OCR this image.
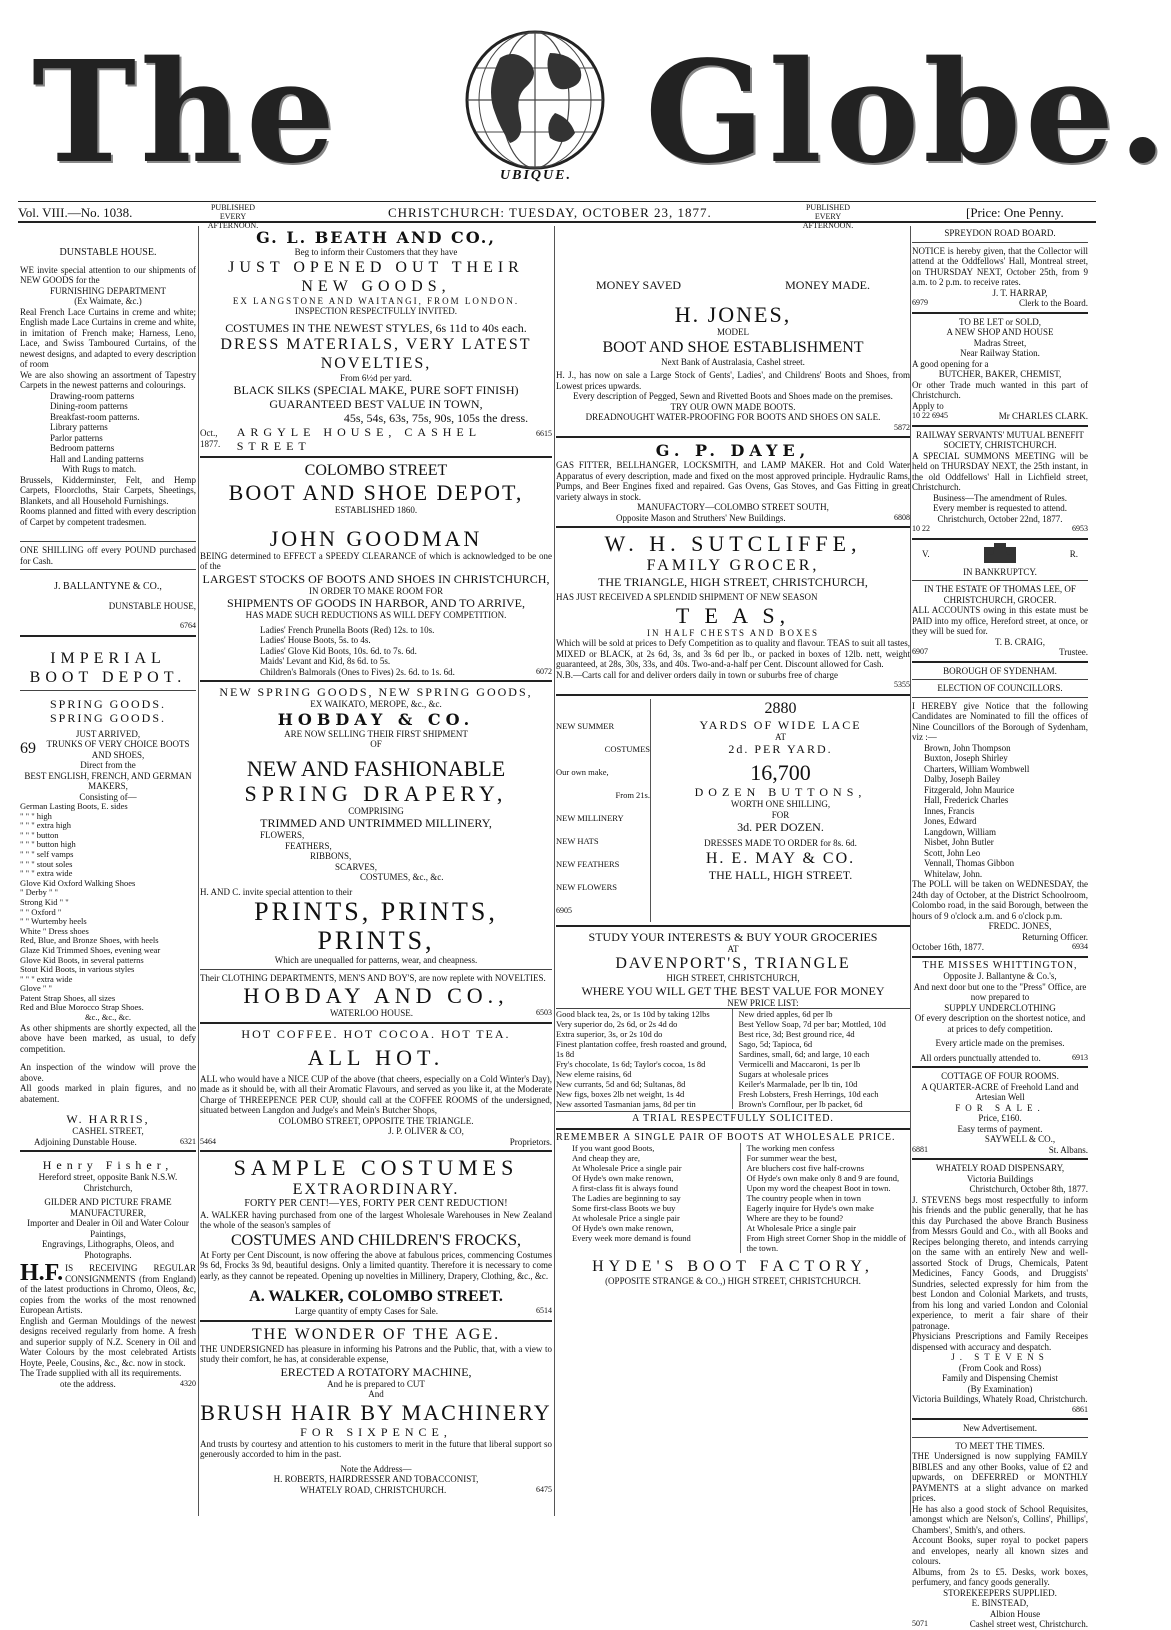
The	UBIQUE. Globe.
Vol. VIII.—No. 1038.	PUBLISHED EVERY AFTERNOON.
CHRISTCHURCH: TUESDAY, OCTOBER 23, 1877.	PUBLISHED EVERY AFTERNOON.
[Price: One Penny.
DUNSTABLE HOUSE.
WE invite special attention to our shipments of NEW GOODS for the
FURNISHING DEPARTMENT
(Ex Waimate, &c.)
Real French Lace Curtains in creme and white; English made Lace Curtains in creme and white, in imitation of French make; Harness, Leno, Lace, and Swiss Tamboured Curtains, of the newest designs, and adapted to every description of room
We are also showing an assortment of Tapestry Carpets in the newest patterns and colourings.
Drawing-room patterns
Dining-room patterns
Breakfast-room patterns.
Library patterns
Parlor patterns
Bedroom patterns
Hall and Landing patterns
With Rugs to match.
Brussels, Kidderminster, Felt, and Hemp Carpets, Floorcloths, Stair Carpets, Sheetings, Blankets, and all Household Furnishings.
Rooms planned and fitted with every description of Carpet by competent tradesmen.
ONE SHILLING off every POUND purchased for Cash.
J. BALLANTYNE & CO.,
DUNSTABLE HOUSE,
6764
IMPERIAL
BOOT DEPOT.
SPRING GOODS.
SPRING GOODS.
JUST ARRIVED,
69	TRUNKS OF VERY CHOICE BOOTS AND SHOES,
Direct from the
BEST ENGLISH, FRENCH, AND GERMAN MAKERS,
Consisting of—
German Lasting Boots, E. sides
" " " high
" " " extra high
" " " button
" " " button high
" " " self vamps
" " " stout soles
" " " extra wide
Glove Kid Oxford Walking Shoes
" Derby " "
Strong Kid " "
" " Oxford "
" " Wurtemby heels
White " Dress shoes
Red, Blue, and Bronze Shoes, with heels
Glaze Kid Trimmed Shoes, evening wear
Glove Kid Boots, in several patterns
Stout Kid Boots, in various styles
" " " extra wide
Glove " "
Patent Strap Shoes, all sizes
Red and Blue Morocco Strap Shoes.
&c., &c., &c.
As other shipments are shortly expected, all the above have been marked, as usual, to defy competition.
An inspection of the window will prove the above.
All goods marked in plain figures, and no abatement.
W. HARRIS,
CASHEL STREET,
Adjoining Dunstable House.	6321
Henry Fisher,
Hereford street, opposite Bank N.S.W. Christchurch,
GILDER AND PICTURE FRAME MANUFACTURER,
Importer and Dealer in Oil and Water Colour Paintings,
Engravings, Lithographs, Oleos, and Photographs.
H.F. IS RECEIVING REGULAR CONSIGNMENTS (from England) of the latest productions in Chromo, Oleos, &c, copies from the works of the most renowned European Artists.
English and German Mouldings of the newest designs received regularly from home. A fresh and superior supply of N.Z. Scenery in Oil and Water Colours by the most celebrated Artists Hoyte, Peele, Cousins, &c., &c. now in stock.
The Trade supplied with all its requirements.
ote the address.	4320
G. L. BEATH AND CO.,
Beg to inform their Customers that they have
JUST OPENED OUT THEIR NEW GOODS,
EX LANGSTONE AND WAITANGI, FROM LONDON.
INSPECTION RESPECTFULLY INVITED.
COSTUMES IN THE NEWEST STYLES, 6s 11d to 40s each.
DRESS MATERIALS, VERY LATEST NOVELTIES,
From 6½d per yard.
BLACK SILKS (SPECIAL MAKE, PURE SOFT FINISH) GUARANTEED BEST VALUE IN TOWN,
45s, 54s, 63s, 75s, 90s, 105s the dress.
Oct., 1877.
ARGYLE HOUSE, CASHEL STREET
6615
COLOMBO STREET
BOOT AND SHOE DEPOT,
ESTABLISHED 1860.
JOHN GOODMAN
BEING determined to EFFECT a SPEEDY CLEARANCE of which is acknowledged to be one of the
LARGEST STOCKS OF BOOTS AND SHOES IN CHRISTCHURCH,
IN ORDER TO MAKE ROOM FOR
SHIPMENTS OF GOODS IN HARBOR, AND TO ARRIVE,
HAS MADE SUCH REDUCTIONS AS WILL DEFY COMPETITION.
Ladies' French Prunella Boots (Red) 12s. to 10s.
Ladies' House Boots, 5s. to 4s.
Ladies' Glove Kid Boots, 10s. 6d. to 7s. 6d.
Maids' Levant and Kid, 8s 6d. to 5s.
Children's Balmorals (Ones to Fives) 2s. 6d. to 1s. 6d.	6072
NEW SPRING GOODS, NEW SPRING GOODS,
EX WAIKATO, MEROPE, &c., &c.
HOBDAY & CO.
ARE NOW SELLING THEIR FIRST SHIPMENT
OF
NEW AND FASHIONABLE
SPRING DRAPERY,
COMPRISING
TRIMMED AND UNTRIMMED MILLINERY,
FLOWERS,
FEATHERS,
RIBBONS,
SCARVES,
COSTUMES, &c., &c.
H. AND C. invite special attention to their
PRINTS, PRINTS, PRINTS,
Which are unequalled for patterns, wear, and cheapness.
Their CLOTHING DEPARTMENTS, MEN'S AND BOY'S, are now replete with NOVELTIES.
HOBDAY AND CO.,
WATERLOO HOUSE.	6503
HOT COFFEE. HOT COCOA. HOT TEA.
ALL HOT.
ALL who would have a NICE CUP of the above (that cheers, especially on a Cold Winter's Day), made as it should be, with all their Aromatic Flavours, and served as you like it, at the Moderate Charge of THREEPENCE PER CUP, should call at the COFFEE ROOMS of the undersigned, situated between Langdon and Judge's and Mein's Butcher Shops,
COLOMBO STREET, OPPOSITE THE TRIANGLE.
J. P. OLIVER & CO,
5464	Proprietors.
SAMPLE COSTUMES
EXTRAORDINARY.
FORTY PER CENT!—YES, FORTY PER CENT REDUCTION!
A. WALKER having purchased from one of the largest Wholesale Warehouses in New Zealand the whole of the season's samples of
COSTUMES AND CHILDREN'S FROCKS,
At Forty per Cent Discount, is now offering the above at fabulous prices, commencing Costumes 9s 6d, Frocks 3s 9d, beautiful designs. Only a limited quantity. Therefore it is necessary to come early, as they cannot be repeated. Opening up novelties in Millinery, Drapery, Clothing, &c., &c.
A. WALKER, COLOMBO STREET.
Large quantity of empty Cases for Sale.	6514
THE WONDER OF THE AGE.
THE UNDERSIGNED has pleasure in informing his Patrons and the Public, that, with a view to study their comfort, he has, at considerable expense,
ERECTED A ROTATORY MACHINE,
And he is prepared to CUT
And
BRUSH HAIR BY MACHINERY
FOR SIXPENCE,
And trusts by courtesy and attention to his customers to merit in the future that liberal support so generously accorded to him in the past.
Note the Address—
H. ROBERTS, HAIRDRESSER AND TOBACCONIST,
WHATELY ROAD, CHRISTCHURCH.	6475
MONEY SAVED	MONEY MADE.
H. JONES,
MODEL
BOOT AND SHOE ESTABLISHMENT
Next Bank of Australasia, Cashel street.
H. J., has now on sale a Large Stock of Gents', Ladies', and Childrens' Boots and Shoes, from Lowest prices upwards.
Every description of Pegged, Sewn and Rivetted Boots and Shoes made on the premises.
TRY OUR OWN MADE BOOTS.
DREADNOUGHT WATER-PROOFING FOR BOOTS AND SHOES ON SALE.
5872
G. P. DAYE,
GAS FITTER, BELLHANGER, LOCKSMITH, and LAMP MAKER. Hot and Cold Water Apparatus of every description, made and fixed on the most approved principle. Hydraulic Rams, Pumps, and Beer Engines fixed and repaired. Gas Ovens, Gas Stoves, and Gas Fitting in great variety always in stock.
MANUFACTORY—COLOMBO STREET SOUTH,
Opposite Mason and Struthers' New Buildings.	6808
W. H. SUTCLIFFE,
FAMILY GROCER,
THE TRIANGLE, HIGH STREET, CHRISTCHURCH,
HAS JUST RECEIVED A SPLENDID SHIPMENT OF NEW SEASON
T E A S,
IN HALF CHESTS AND BOXES
Which will be sold at prices to Defy Competition as to quality and flavour. TEAS to suit all tastes, MIXED or BLACK, at 2s 6d, 3s, and 3s 6d per lb., or packed in boxes of 12lb. nett, weight guaranteed, at 28s, 30s, 33s, and 40s. Two-and-a-half per Cent. Discount allowed for Cash.
N.B.—Carts call for and deliver orders daily in town or suburbs free of charge
5355
NEW SUMMER
COSTUMES
Our own make,
From 21s.
NEW MILLINERY
NEW HATS
NEW FEATHERS
NEW FLOWERS
6905
2880
YARDS OF WIDE LACE
AT
2d. PER YARD.
16,700
DOZEN BUTTONS,
WORTH ONE SHILLING,
FOR
3d. PER DOZEN.
DRESSES MADE TO ORDER for 8s. 6d.
H. E. MAY & CO.
THE HALL, HIGH STREET.
STUDY YOUR INTERESTS & BUY YOUR GROCERIES
AT
DAVENPORT'S, TRIANGLE
HIGH STREET, CHRISTCHURCH,
WHERE YOU WILL GET THE BEST VALUE FOR MONEY
NEW PRICE LIST:
Good black tea, 2s, or 1s 10d by taking 12lbs
Very superior do, 2s 6d, or 2s 4d do
Extra superior, 3s, or 2s 10d do
Finest plantation coffee, fresh roasted and ground, 1s 8d
Fry's chocolate, 1s 6d; Taylor's cocoa, 1s 8d
New eleme raisins, 6d
New currants, 5d and 6d; Sultanas, 8d
New figs, boxes 2lb net weight, 1s 4d
New assorted Tasmanian jams, 8d per tin
New dried apples, 6d per lb
Best Yellow Soap, 7d per bar; Mottled, 10d
Best rice, 3d; Best ground rice, 4d
Sago, 5d; Tapioca, 6d
Sardines, small, 6d; and large, 10 each
Vermicelli and Maccaroni, 1s per lb
Sugars at wholesale prices
Keiler's Marmalade, per lb tin, 10d
Fresh Lobsters, Fresh Herrings, 10d each
Brown's Cornflour, per lb packet, 6d
A TRIAL RESPECTFULLY SOLICITED.
REMEMBER A SINGLE PAIR OF BOOTS AT WHOLESALE PRICE.
If you want good Boots,
And cheap they are,
At Wholesale Price a single pair
Of Hyde's own make renown,
A first-class fit is always found
The Ladies are beginning to say
Some first-class Boots we buy
At wholesale Price a single pair
Of Hyde's own make renown,
Every week more demand is found
The working men confess
For summer wear the best,
Are bluchers cost five half-crowns
Of Hyde's own make only 8 and 9 are found,
Upon my word the cheapest Boot in town.
The country people when in town
Eagerly inquire for Hyde's own make
Where are they to be found?
At Wholesale Price a single pair
From High street Corner Shop in the middle of the town.
HYDE'S BOOT FACTORY,
(OPPOSITE STRANGE & CO.,) HIGH STREET, CHRISTCHURCH.
SPREYDON ROAD BOARD.
NOTICE is hereby given, that the Collector will attend at the Oddfellows' Hall, Montreal street, on THURSDAY NEXT, October 25th, from 9 a.m. to 2 p.m. to receive rates.
J. T. HARRAP,
6979	Clerk to the Board.
TO BE LET or SOLD,
A NEW SHOP AND HOUSE
Madras Street,
Near Railway Station.
A good opening for a
BUTCHER, BAKER, CHEMIST,
Or other Trade much wanted in this part of Christchurch.
Apply to
10 22 6945	Mr CHARLES CLARK.
RAILWAY SERVANTS' MUTUAL BENEFIT SOCIETY, CHRISTCHURCH.
A SPECIAL SUMMONS MEETING will be held on THURSDAY NEXT, the 25th instant, in the old Oddfellows' Hall in Lichfield street, Christchurch.
Business—The amendment of Rules.
Every member is requested to attend.
Christchurch, October 22nd, 1877.
10 22	6953
V.	R.
IN BANKRUPTCY.
IN THE ESTATE OF THOMAS LEE, OF CHRISTCHURCH, GROCER.
ALL ACCOUNTS owing in this estate must be PAID into my office, Hereford street, at once, or they will be sued for.
T. B. CRAIG,
6907	Trustee.
BOROUGH OF SYDENHAM.
ELECTION OF COUNCILLORS.
I HEREBY give Notice that the following Candidates are Nominated to fill the offices of Nine Councillors of the Borough of Sydenham, viz :—
Brown, John Thompson
Buxton, Joseph Shirley
Charters, William Wombwell
Dalby, Joseph Bailey
Fitzgerald, John Maurice
Hall, Frederick Charles
Innes, Francis
Jones, Edward
Langdown, William
Nisbet, John Butler
Scott, John Leo
Vennall, Thomas Gibbon
Whitelaw, John.
The POLL will be taken on WEDNESDAY, the 24th day of October, at the District Schoolroom, Colombo road, in the said Borough, between the hours of 9 o'clock a.m. and 6 o'clock p.m.
FREDC. JONES,
Returning Officer.
October 16th, 1877.	6934
THE MISSES WHITTINGTON,
Opposite J. Ballantyne & Co.'s,
And next door but one to the "Press" Office, are now prepared to
SUPPLY UNDERCLOTHING
Of every description on the shortest notice, and at prices to defy competition.
Every article made on the premises.
All orders punctually attended to.	6913
COTTAGE OF FOUR ROOMS.
A QUARTER-ACRE of Freehold Land and Artesian Well
FOR SALE.
Price, £160.
Easy terms of payment.
SAYWELL & CO.,
6881	St. Albans.
WHATELY ROAD DISPENSARY,
Victoria Buildings
Christchurch, October 8th, 1877.
J. STEVENS begs most respectfully to inform his friends and the public generally, that he has this day Purchased the above Branch Business from Messrs Gould and Co., with all Books and Recipes belonging thereto, and intends carrying on the same with an entirely New and well-assorted Stock of Drugs, Chemicals, Patent Medicines, Fancy Goods, and Druggists' Sundries, selected expressly for him from the best London and Colonial Markets, and trusts, from his long and varied London and Colonial experience, to merit a fair share of their patronage.
Physicians Prescriptions and Family Receipes dispensed with accuracy and despatch.
J. STEVENS
(From Cook and Ross)
Family and Dispensing Chemist
(By Examination)
Victoria Buildings, Whately Road, Christchurch.
6861
New Advertisement.
TO MEET THE TIMES.
THE Undersigned is now supplying FAMILY BIBLES and any other Books, value of £2 and upwards, on DEFERRED or MONTHLY PAYMENTS at a slight advance on marked prices.
He has also a good stock of School Requisites, amongst which are Nelson's, Collins', Phillips', Chambers', Smith's, and others.
Account Books, super royal to pocket papers and envelopes, nearly all known sizes and colours.
Albums, from 2s to £5. Desks, work boxes, perfumery, and fancy goods generally.
STOREKEEPERS SUPPLIED.
E. BINSTEAD,
Albion House
5071	Cashel street west, Christchurch.
